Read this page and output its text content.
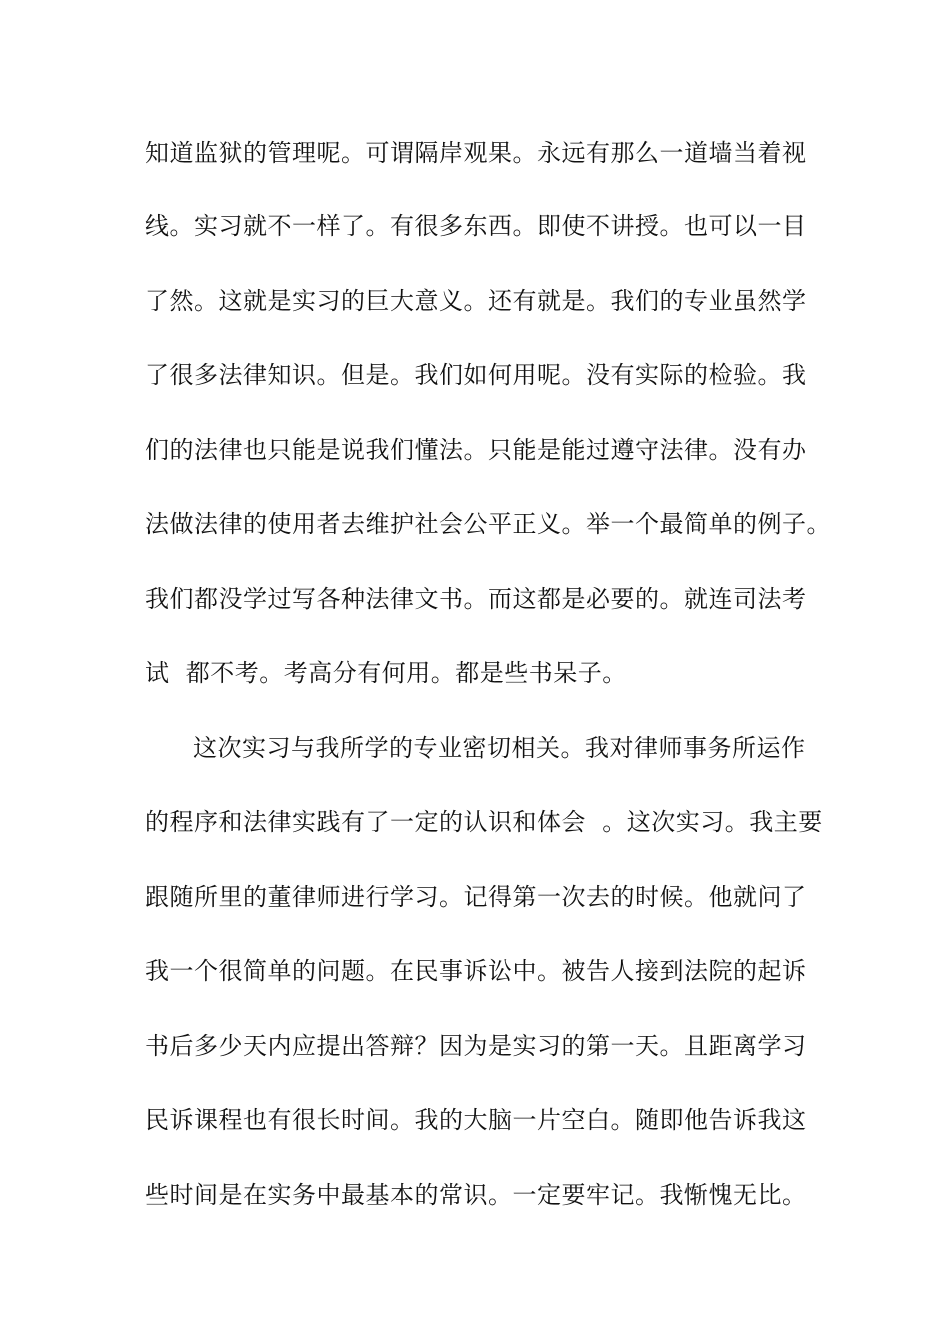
知道监狱的管理呢。可谓隔岸观果。永远有那么一道墙当着视
线。实习就不一样了。有很多东西。即使不讲授。也可以一目
了然。这就是实习的巨大意义。还有就是。我们的专业虽然学
了很多法律知识。但是。我们如何用呢。没有实际的检验。我
们的法律也只能是说我们懂法。只能是能过遵守法律。没有办
法做法律的使用者去维护社会公平正义。举一个最简单的例子。
我们都没学过写各种法律文书。而这都是必要的。就连司法考
试  都不考。考高分有何用。都是些书呆子。
这次实习与我所学的专业密切相关。我对律师事务所运作
的程序和法律实践有了一定的认识和体会  。这次实习。我主要
跟随所里的董律师进行学习。记得第一次去的时候。他就问了
我一个很简单的问题。在民事诉讼中。被告人接到法院的起诉
书后多少天内应提出答辩？因为是实习的第一天。且距离学习
民诉课程也有很长时间。我的大脑一片空白。随即他告诉我这
些时间是在实务中最基本的常识。一定要牢记。我惭愧无比。
